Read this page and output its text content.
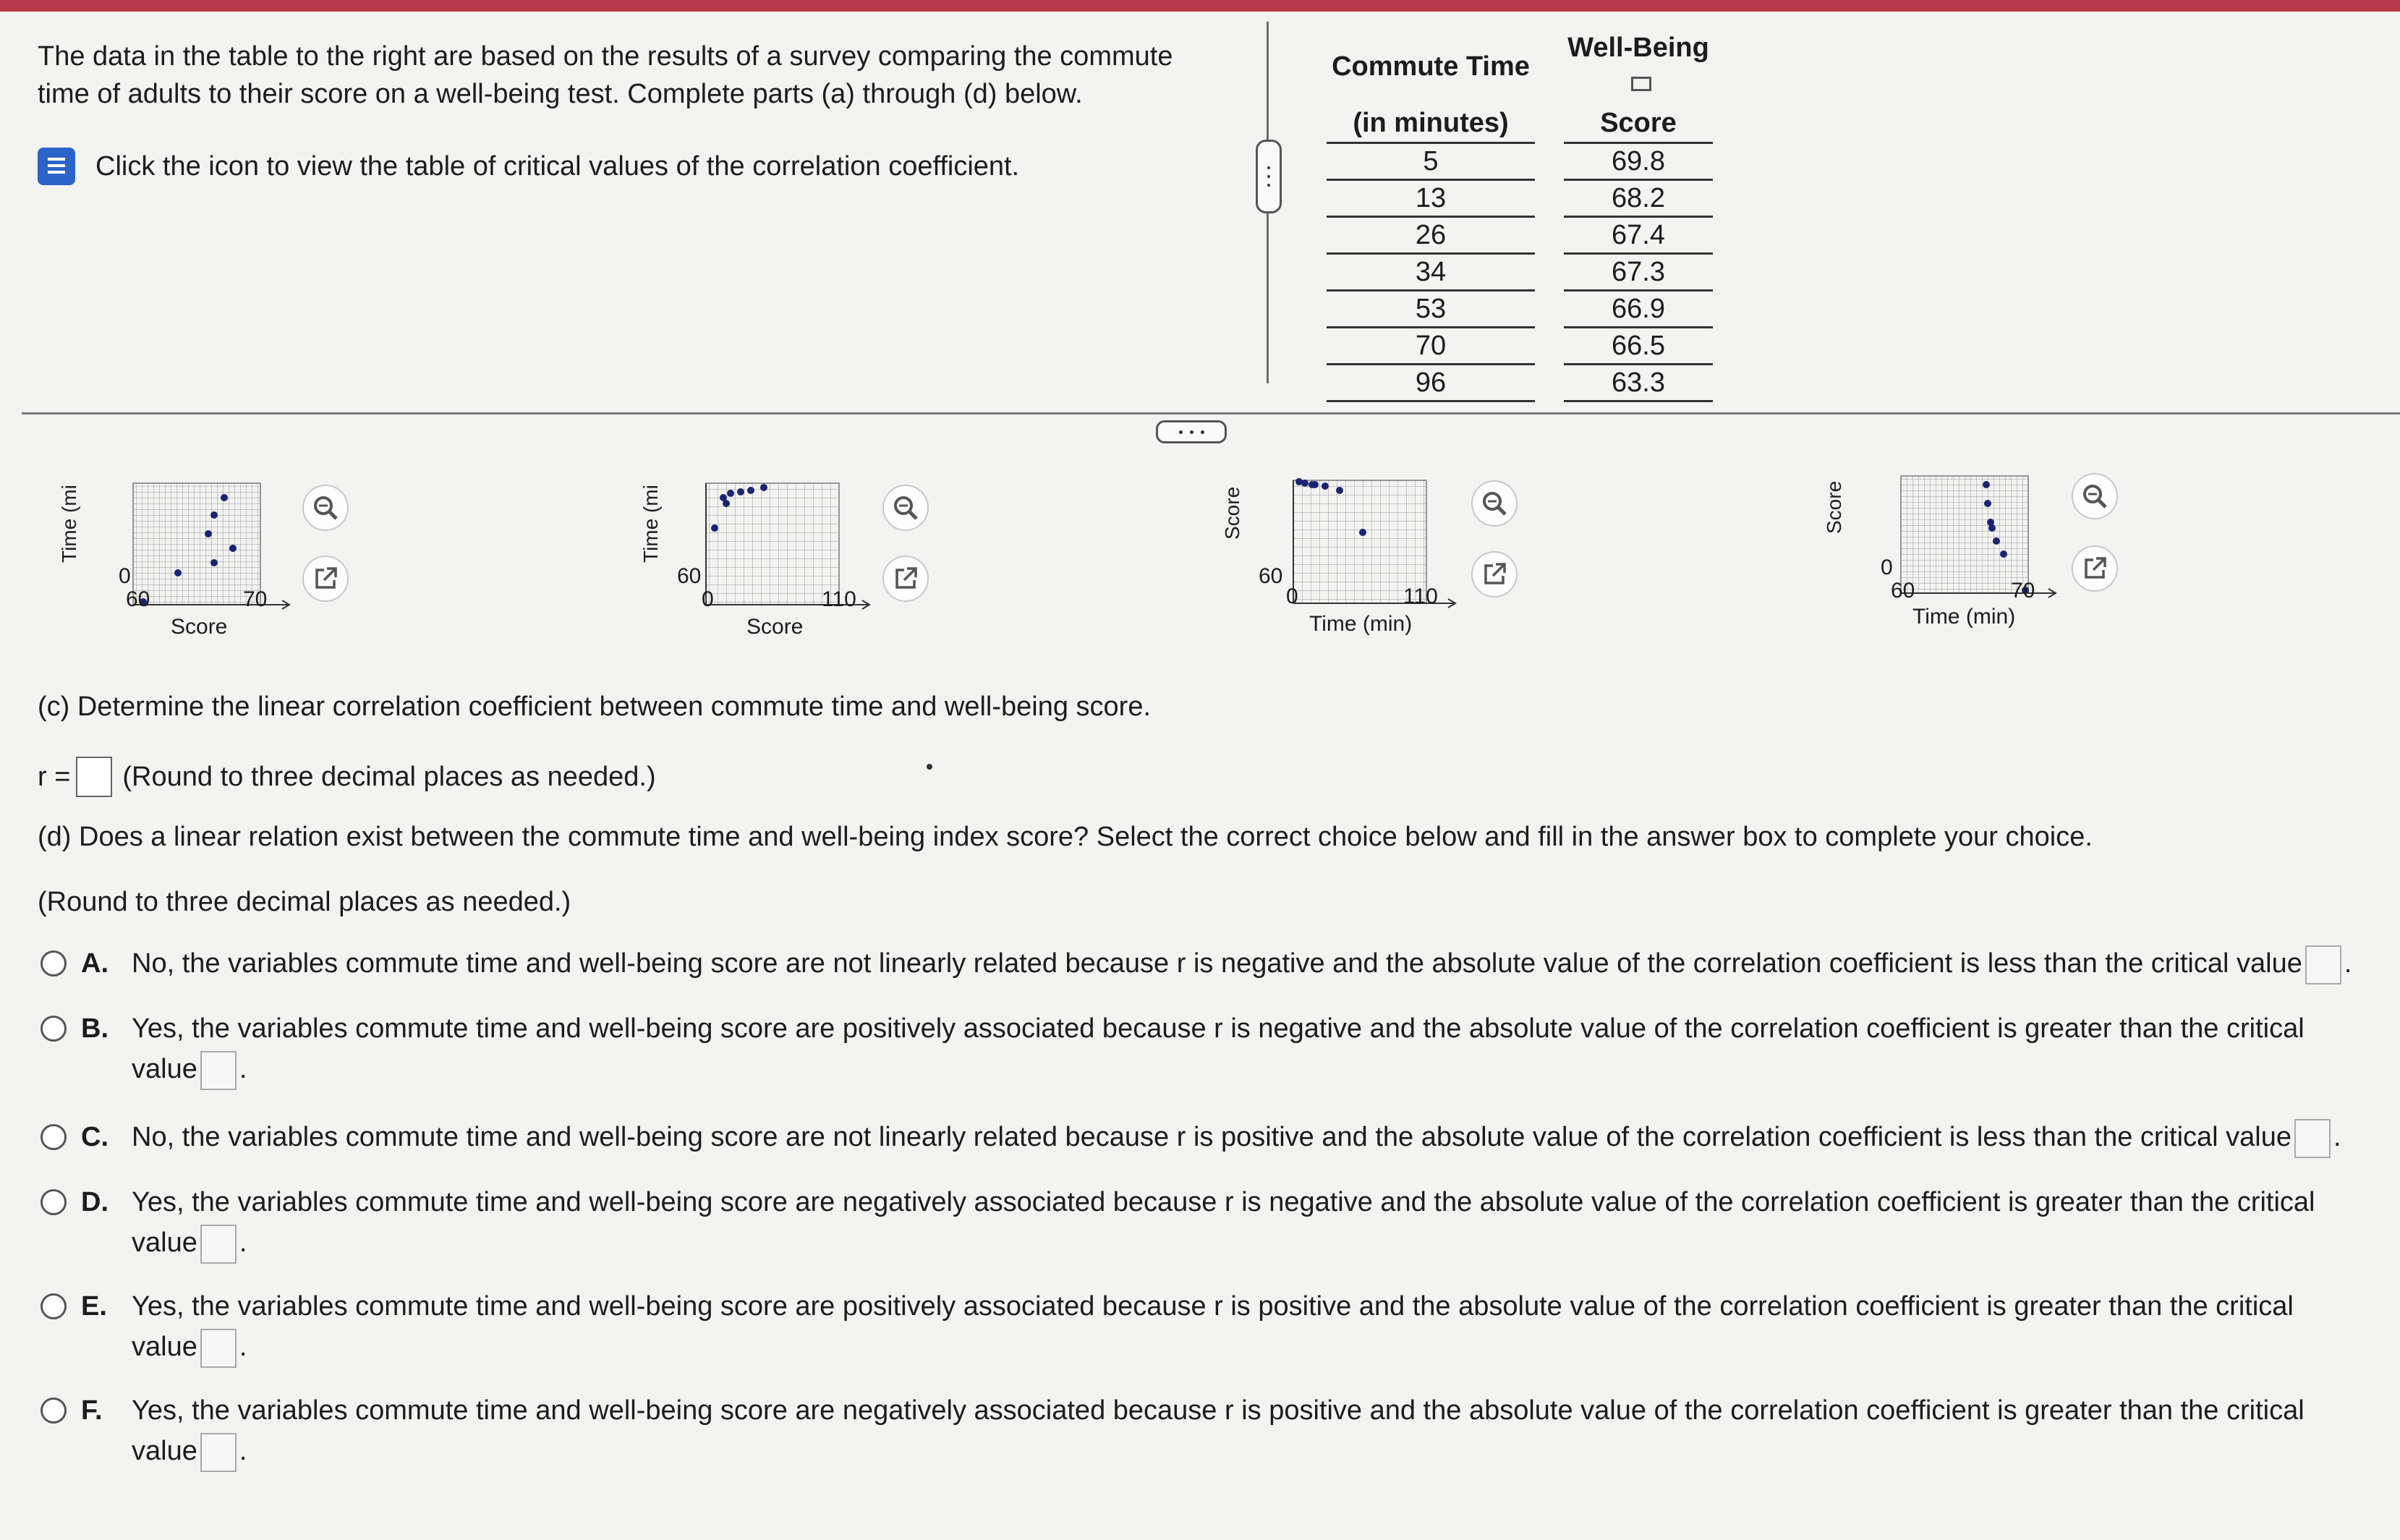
The data in the table to the right are based on the results of a survey comparing the commute time of adults to their score on a well-being test. Complete parts (a) through (d) below.
Click the icon to view the table of critical values of the correlation coefficient.
Commute Time		Well-Being
(in minutes)		Score
5		69.8
13		68.2
26		67.4
34		67.3
53		66.9
70		66.5
96		63.3
Time (mi
0
60	70
Score
Time (mi
60
0	110
Score
Score
60
0	110
Time (min)
Score
0
60	70
Time (min)
(c) Determine the linear correlation coefficient between commute time and well-being score.
r = (Round to three decimal places as needed.)
(d) Does a linear relation exist between the commute time and well-being index score? Select the correct choice below and fill in the answer box to complete your choice.
(Round to three decimal places as needed.)
A. No, the variables commute time and well-being score are not linearly related because r is negative and the absolute value of the correlation coefficient is less than the critical value .
B. Yes, the variables commute time and well-being score are positively associated because r is negative and the absolute value of the correlation coefficient is greater than the critical value .
C. No, the variables commute time and well-being score are not linearly related because r is positive and the absolute value of the correlation coefficient is less than the critical value .
D. Yes, the variables commute time and well-being score are negatively associated because r is negative and the absolute value of the correlation coefficient is greater than the critical value .
E. Yes, the variables commute time and well-being score are positively associated because r is positive and the absolute value of the correlation coefficient is greater than the critical value .
F. Yes, the variables commute time and well-being score are negatively associated because r is positive and the absolute value of the correlation coefficient is greater than the critical value .
